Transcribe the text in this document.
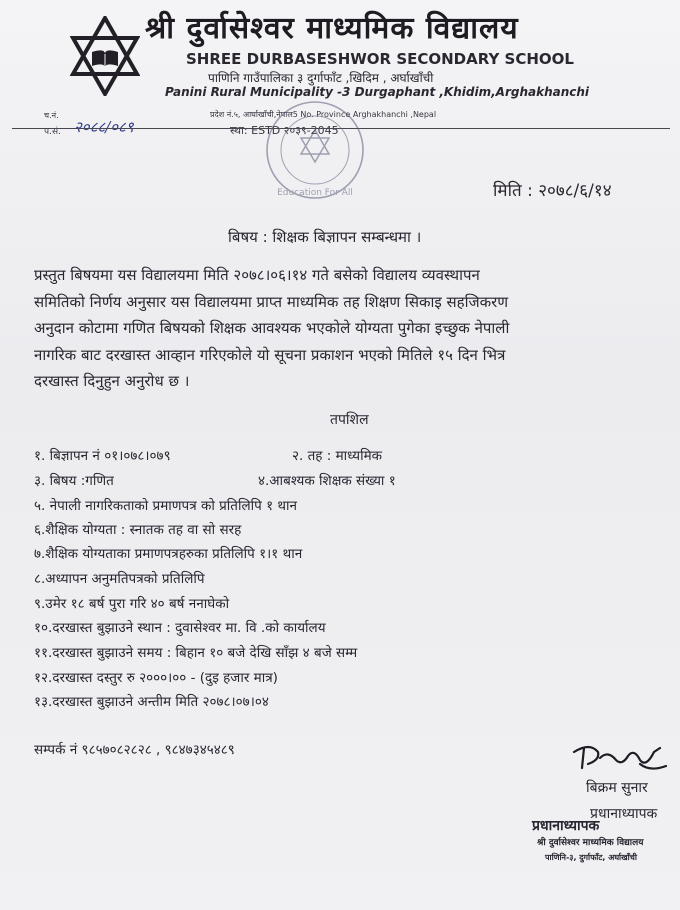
श्री दुर्वासेश्वर माध्यमिक विद्यालय
SHREE DURBASESHWOR SECONDARY SCHOOL
पाणिनि गाउँपालिका ३ दुर्गाफाँट ,खिदिम , अर्घाखाँची
Panini Rural Municipality -3 Durgaphant ,Khidim,Arghakhanchi
प्रदेश नं.५, आर्घाखाँची,नेपाल5 No. Province Arghakhanchi ,Nepal
च.नं.
प.सं. २०८८/०८९	स्था: ESTD २०३९-2045
Education For All	मिति : २०७८/६/१४
बिषय : शिक्षक बिज्ञापन सम्बन्धमा ।
प्रस्तुत बिषयमा यस विद्यालयमा मिति २०७८।०६।१४ गते बसेको विद्यालय व्यवस्थापन
समितिको निर्णय अनुसार यस विद्यालयमा प्राप्त माध्यमिक तह शिक्षण सिकाइ सहजिकरण
अनुदान कोटामा गणित बिषयको शिक्षक आवश्यक भएकोले योग्यता पुगेका इच्छुक नेपाली
नागरिक बाट दरखास्त आव्हान गरिएकोले यो सूचना प्रकाशन भएको मितिले १५ दिन भित्र
दरखास्त दिनुहुन अनुरोध छ ।
तपशिल
१. बिज्ञापन नं ०१।०७८।०७९	२. तह : माध्यमिक
३. बिषय :गणित	४.आबश्यक शिक्षक संख्या १
५. नेपाली नागरिकताको प्रमाणपत्र को प्रतिलिपि १ थान
६.शैक्षिक योग्यता : स्नातक तह वा सो सरह
७.शैक्षिक योग्यताका प्रमाणपत्रहरुका प्रतिलिपि १।१ थान
८.अध्यापन अनुमतिपत्रको प्रतिलिपि
९.उमेर १८ बर्ष पुरा गरि ४० बर्ष ननाघेको
१०.दरखास्त बुझाउने स्थान : दुवासेश्वर मा. वि .को कार्यालय
११.दरखास्त बुझाउने समय : बिहान १० बजे देखि साँझ ४ बजे सम्म
१२.दरखास्त दस्तुर रु २०००।०० - (दुइ हजार मात्र)
१३.दरखास्त बुझाउने अन्तीम मिति २०७८।०७।०४
सम्पर्क नं ९८५७०८२८२८ , ९८४७३४५४८९
बिक्रम सुनार
प्रधानाध्यापक
प्रधानाध्यापक
श्री दुर्वासेश्वर माध्यमिक विद्यालय
पाणिनि-३, दुर्गाफाँट, अर्घाखाँची
